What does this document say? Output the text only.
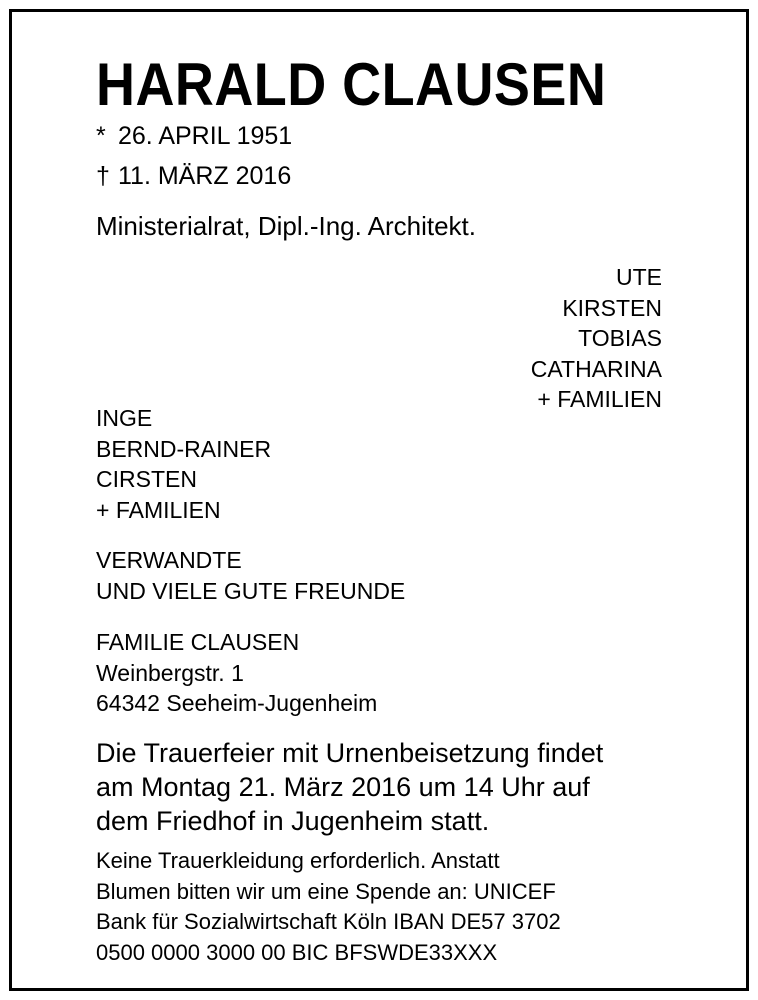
HARALD CLAUSEN
* 26. APRIL 1951
† 11. MÄRZ 2016
Ministerialrat, Dipl.-Ing. Architekt.
UTE
KIRSTEN
TOBIAS
CATHARINA
+ FAMILIEN
INGE
BERND-RAINER
CIRSTEN
+ FAMILIEN
VERWANDTE
UND VIELE GUTE FREUNDE
FAMILIE CLAUSEN
Weinbergstr. 1
64342 Seeheim-Jugenheim
Die Trauerfeier mit Urnenbeisetzung findet
am Montag 21. März 2016 um 14 Uhr auf
dem Friedhof in Jugenheim statt.
Keine Trauerkleidung erforderlich. Anstatt
Blumen bitten wir um eine Spende an: UNICEF
Bank für Sozialwirtschaft Köln IBAN DE57 3702
0500 0000 3000 00 BIC BFSWDE33XXX
